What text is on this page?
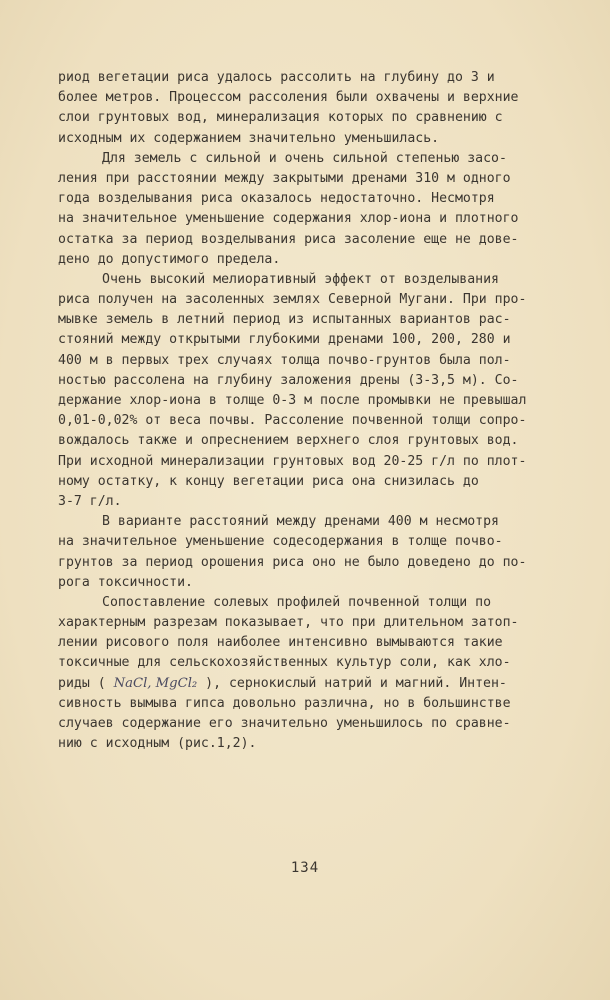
риод вегетации риса удалось рассолить на глубину до 3 и
более метров. Процессом рассоления были охвачены и верхние
слои грунтовых вод, минерализация которых по сравнению с
исходным их содержанием значительно уменьшилась.
Для земель с сильной и очень сильной степенью засо-
ления при расстоянии между закрытыми дренами 310 м одного
года возделывания риса оказалось недостаточно. Несмотря
на значительное уменьшение содержания хлор-иона и плотного
остатка за период возделывания риса засоление еще не дове-
дено до допустимого предела.
Очень высокий мелиоративный эффект от возделывания
риса получен на засоленных землях Северной Мугани. При про-
мывке земель в летний период из испытанных вариантов рас-
стояний между открытыми глубокими дренами 100, 200, 280 и
400 м в первых трех случаях толща почво-грунтов была пол-
ностью рассолена на глубину заложения дрены (3-3,5 м). Со-
держание хлор-иона в толще 0-3 м после промывки не превышал
0,01-0,02% от веса почвы. Рассоление почвенной толщи сопро-
вождалось также и опреснением верхнего слоя грунтовых вод.
При исходной минерализации грунтовых вод 20-25 г/л по плот-
ному остатку, к концу вегетации риса она снизилась до
3-7 г/л.
В варианте расстояний между дренами 400 м несмотря
на значительное уменьшение содесодержания в толще почво-
грунтов за период орошения риса оно не было доведено до по-
рога токсичности.
Сопоставление солевых профилей почвенной толщи по
характерным разрезам показывает, что при длительном затоп-
лении рисового поля наиболее интенсивно вымываются такие
токсичные для сельскохозяйственных культур соли, как хло-
риды ( NaCl, MgCl₂ ), сернокислый натрий и магний. Интен-
сивность вымыва гипса довольно различна, но в большинстве
случаев содержание его значительно уменьшилось по сравне-
нию с исходным (рис.1,2).
134
